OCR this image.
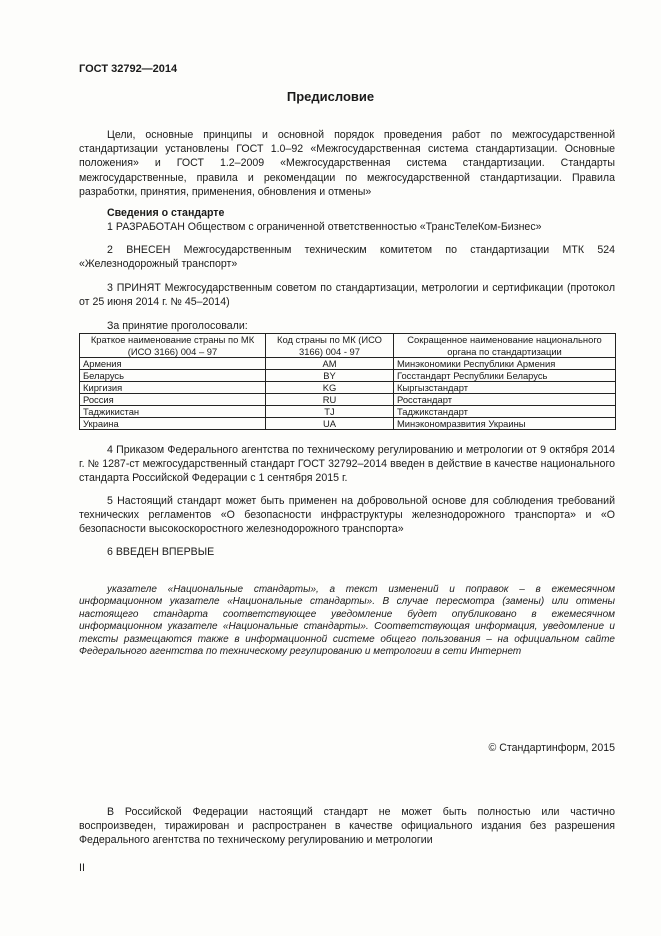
ГОСТ 32792—2014
Предисловие

Цели, основные принципы и основной порядок проведения работ по межгосударственной стандартизации установлены ГОСТ 1.0–92 «Межгосударственная система стандартизации. Основные положения» и ГОСТ 1.2–2009 «Межгосударственная система стандартизации. Стандарты межгосударственные, правила и рекомендации по межгосударственной стандартизации. Правила разработки, принятия, применения, обновления и отмены»

Сведения о стандарте

1 РАЗРАБОТАН Обществом с ограниченной ответственностью «ТрансТелеКом-Бизнес»

2 ВНЕСЕН Межгосударственным техническим комитетом по стандартизации МТК 524 «Железнодорожный транспорт»

3 ПРИНЯТ Межгосударственным советом по стандартизации, метрологии и сертификации (протокол от 25 июня 2014 г. № 45–2014)

За принятие проголосовали:

Краткое наименование страны по МК (ИСО 3166) 004 – 97	Код страны по МК (ИСО 3166) 004 - 97	Сокращенное наименование национального органа по стандартизации
Армения	AM	Минэкономики Республики Армения
Беларусь	BY	Госстандарт Республики Беларусь
Киргизия	KG	Кыргызстандарт
Россия	RU	Росстандарт
Таджикистан	TJ	Таджикстандарт
Украина	UA	Минэкономразвития Украины

4 Приказом Федерального агентства по техническому регулированию и метрологии от 9 октября 2014 г. № 1287-ст межгосударственный стандарт ГОСТ 32792–2014 введен в действие в качестве национального стандарта Российской Федерации с 1 сентября 2015 г.

5 Настоящий стандарт может быть применен на добровольной основе для соблюдения требований технических регламентов «О безопасности инфраструктуры железнодорожного транспорта» и «О безопасности высокоскоростного железнодорожного транспорта»

6 ВВЕДЕН ВПЕРВЫЕ

указателе «Национальные стандарты», а текст изменений и поправок – в ежемесячном информационном указателе «Национальные стандарты». В случае пересмотра (замены) или отмены настоящего стандарта соответствующее уведомление будет опубликовано в ежемесячном информационном указателе «Национальные стандарты». Соответствующая информация, уведомление и тексты размещаются также в информационной системе общего пользования – на официальном сайте Федерального агентства по техническому регулированию и метрологии в сети Интернет

© Стандартинформ, 2015

В Российской Федерации настоящий стандарт не может быть полностью или частично воспроизведен, тиражирован и распространен в качестве официального издания без разрешения Федерального агентства по техническому регулированию и метрологии

II
